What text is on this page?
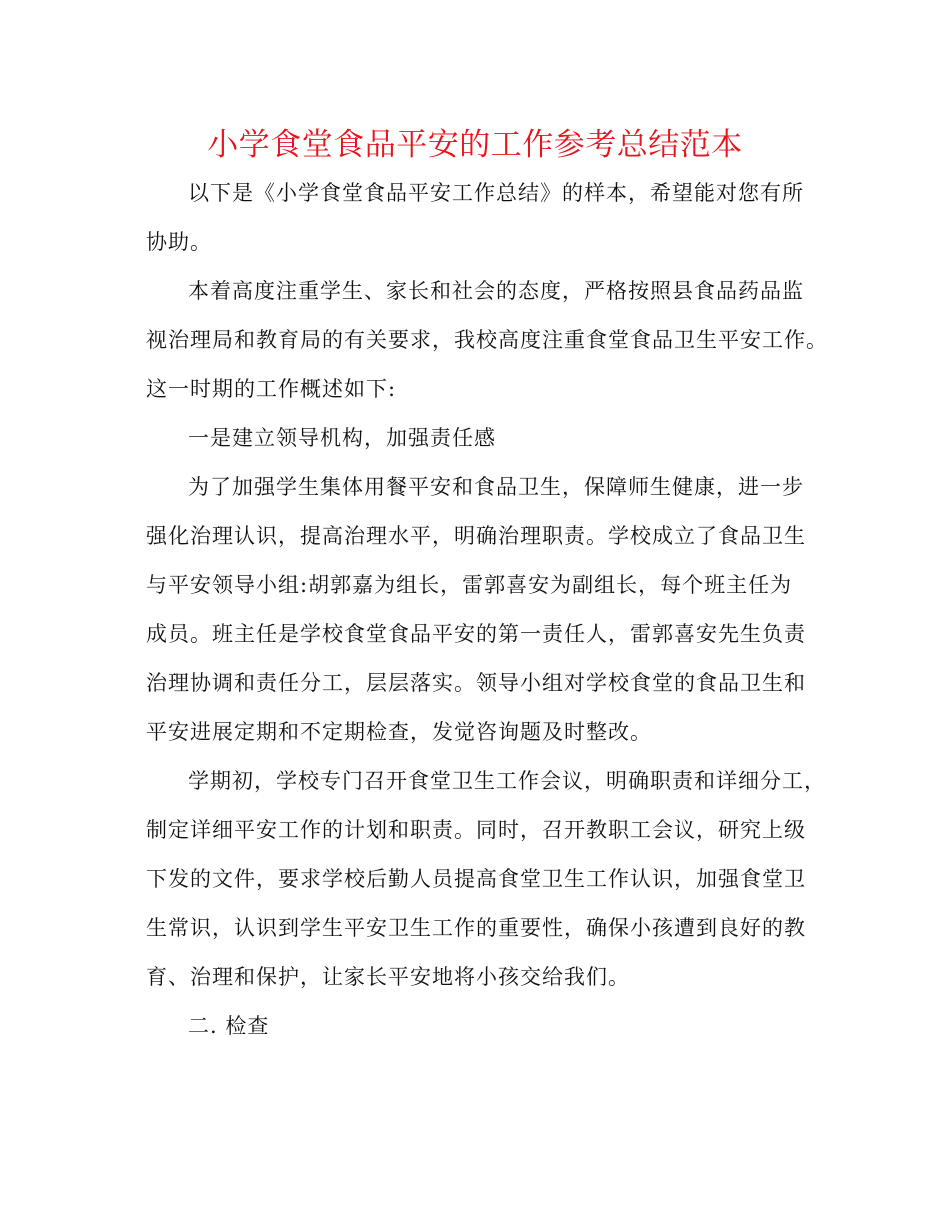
小学食堂食品平安的工作参考总结范本

以下是《小学食堂食品平安工作总结》的样本，希望能对您有所

协助。

本着高度注重学生、家长和社会的态度，严格按照县食品药品监

视治理局和教育局的有关要求，我校高度注重食堂食品卫生平安工作。

这一时期的工作概述如下:

一是建立领导机构，加强责任感

为了加强学生集体用餐平安和食品卫生，保障师生健康，进一步

强化治理认识，提高治理水平，明确治理职责。学校成立了食品卫生

与平安领导小组:胡郭嘉为组长，雷郭喜安为副组长，每个班主任为

成员。班主任是学校食堂食品平安的第一责任人，雷郭喜安先生负责

治理协调和责任分工，层层落实。领导小组对学校食堂的食品卫生和

平安进展定期和不定期检查，发觉咨询题及时整改。

学期初，学校专门召开食堂卫生工作会议，明确职责和详细分工，

制定详细平安工作的计划和职责。同时，召开教职工会议，研究上级

下发的文件，要求学校后勤人员提高食堂卫生工作认识，加强食堂卫

生常识，认识到学生平安卫生工作的重要性，确保小孩遭到良好的教

育、治理和保护，让家长平安地将小孩交给我们。

二. 检查
